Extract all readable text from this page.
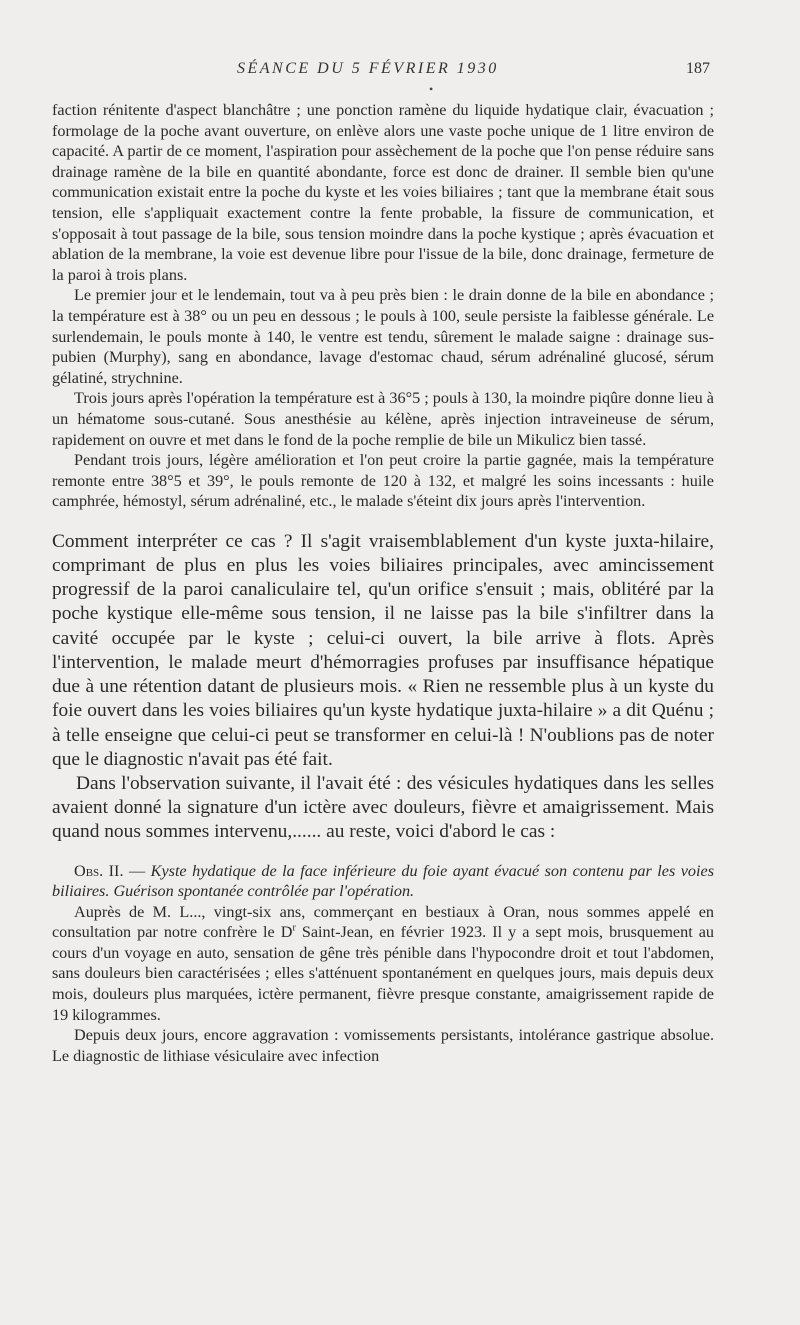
SÉANCE DU 5 FÉVRIER 1930	187
•

faction rénitente d'aspect blanchâtre ; une ponction ramène du liquide hydatique clair, évacuation ; formolage de la poche avant ouverture, on enlève alors une vaste poche unique de 1 litre environ de capacité. A partir de ce moment, l'aspiration pour assèchement de la poche que l'on pense réduire sans drainage ramène de la bile en quantité abondante, force est donc de drainer. Il semble bien qu'une communication existait entre la poche du kyste et les voies biliaires ; tant que la membrane était sous tension, elle s'appliquait exactement contre la fente probable, la fissure de communication, et s'opposait à tout passage de la bile, sous tension moindre dans la poche kystique ; après évacuation et ablation de la membrane, la voie est devenue libre pour l'issue de la bile, donc drainage, fermeture de la paroi à trois plans.

Le premier jour et le lendemain, tout va à peu près bien : le drain donne de la bile en abondance ; la température est à 38° ou un peu en dessous ; le pouls à 100, seule persiste la faiblesse générale. Le surlendemain, le pouls monte à 140, le ventre est tendu, sûrement le malade saigne : drainage sus-pubien (Murphy), sang en abondance, lavage d'estomac chaud, sérum adrénaliné glucosé, sérum gélatiné, strychnine.

Trois jours après l'opération la température est à 36°5 ; pouls à 130, la moindre piqûre donne lieu à un hématome sous-cutané. Sous anesthésie au kélène, après injection intraveineuse de sérum, rapidement on ouvre et met dans le fond de la poche remplie de bile un Mikulicz bien tassé.

Pendant trois jours, légère amélioration et l'on peut croire la partie gagnée, mais la température remonte entre 38°5 et 39°, le pouls remonte de 120 à 132, et malgré les soins incessants : huile camphrée, hémostyl, sérum adrénaliné, etc., le malade s'éteint dix jours après l'intervention.

Comment interpréter ce cas ? Il s'agit vraisemblablement d'un kyste juxta-hilaire, comprimant de plus en plus les voies biliaires principales, avec amincissement progressif de la paroi canaliculaire tel, qu'un orifice s'ensuit ; mais, oblitéré par la poche kystique elle-même sous tension, il ne laisse pas la bile s'infiltrer dans la cavité occupée par le kyste ; celui-ci ouvert, la bile arrive à flots. Après l'intervention, le malade meurt d'hémorragies profuses par insuffisance hépatique due à une rétention datant de plusieurs mois. « Rien ne ressemble plus à un kyste du foie ouvert dans les voies biliaires qu'un kyste hydatique juxta-hilaire » a dit Quénu ; à telle enseigne que celui-ci peut se transformer en celui-là ! N'oublions pas de noter que le diagnostic n'avait pas été fait.

Dans l'observation suivante, il l'avait été : des vésicules hydatiques dans les selles avaient donné la signature d'un ictère avec douleurs, fièvre et amaigrissement. Mais quand nous sommes intervenu,...... au reste, voici d'abord le cas :

Obs. II. — Kyste hydatique de la face inférieure du foie ayant évacué son contenu par les voies biliaires. Guérison spontanée contrôlée par l'opération.

Auprès de M. L..., vingt-six ans, commerçant en bestiaux à Oran, nous sommes appelé en consultation par notre confrère le $D^r$ Saint-Jean, en février 1923. Il y a sept mois, brusquement au cours d'un voyage en auto, sensation de gêne très pénible dans l'hypocondre droit et tout l'abdomen, sans douleurs bien caractérisées ; elles s'atténuent spontanément en quelques jours, mais depuis deux mois, douleurs plus marquées, ictère permanent, fièvre presque constante, amaigrissement rapide de 19 kilogrammes.

Depuis deux jours, encore aggravation : vomissements persistants, intolérance gastrique absolue. Le diagnostic de lithiase vésiculaire avec infection
